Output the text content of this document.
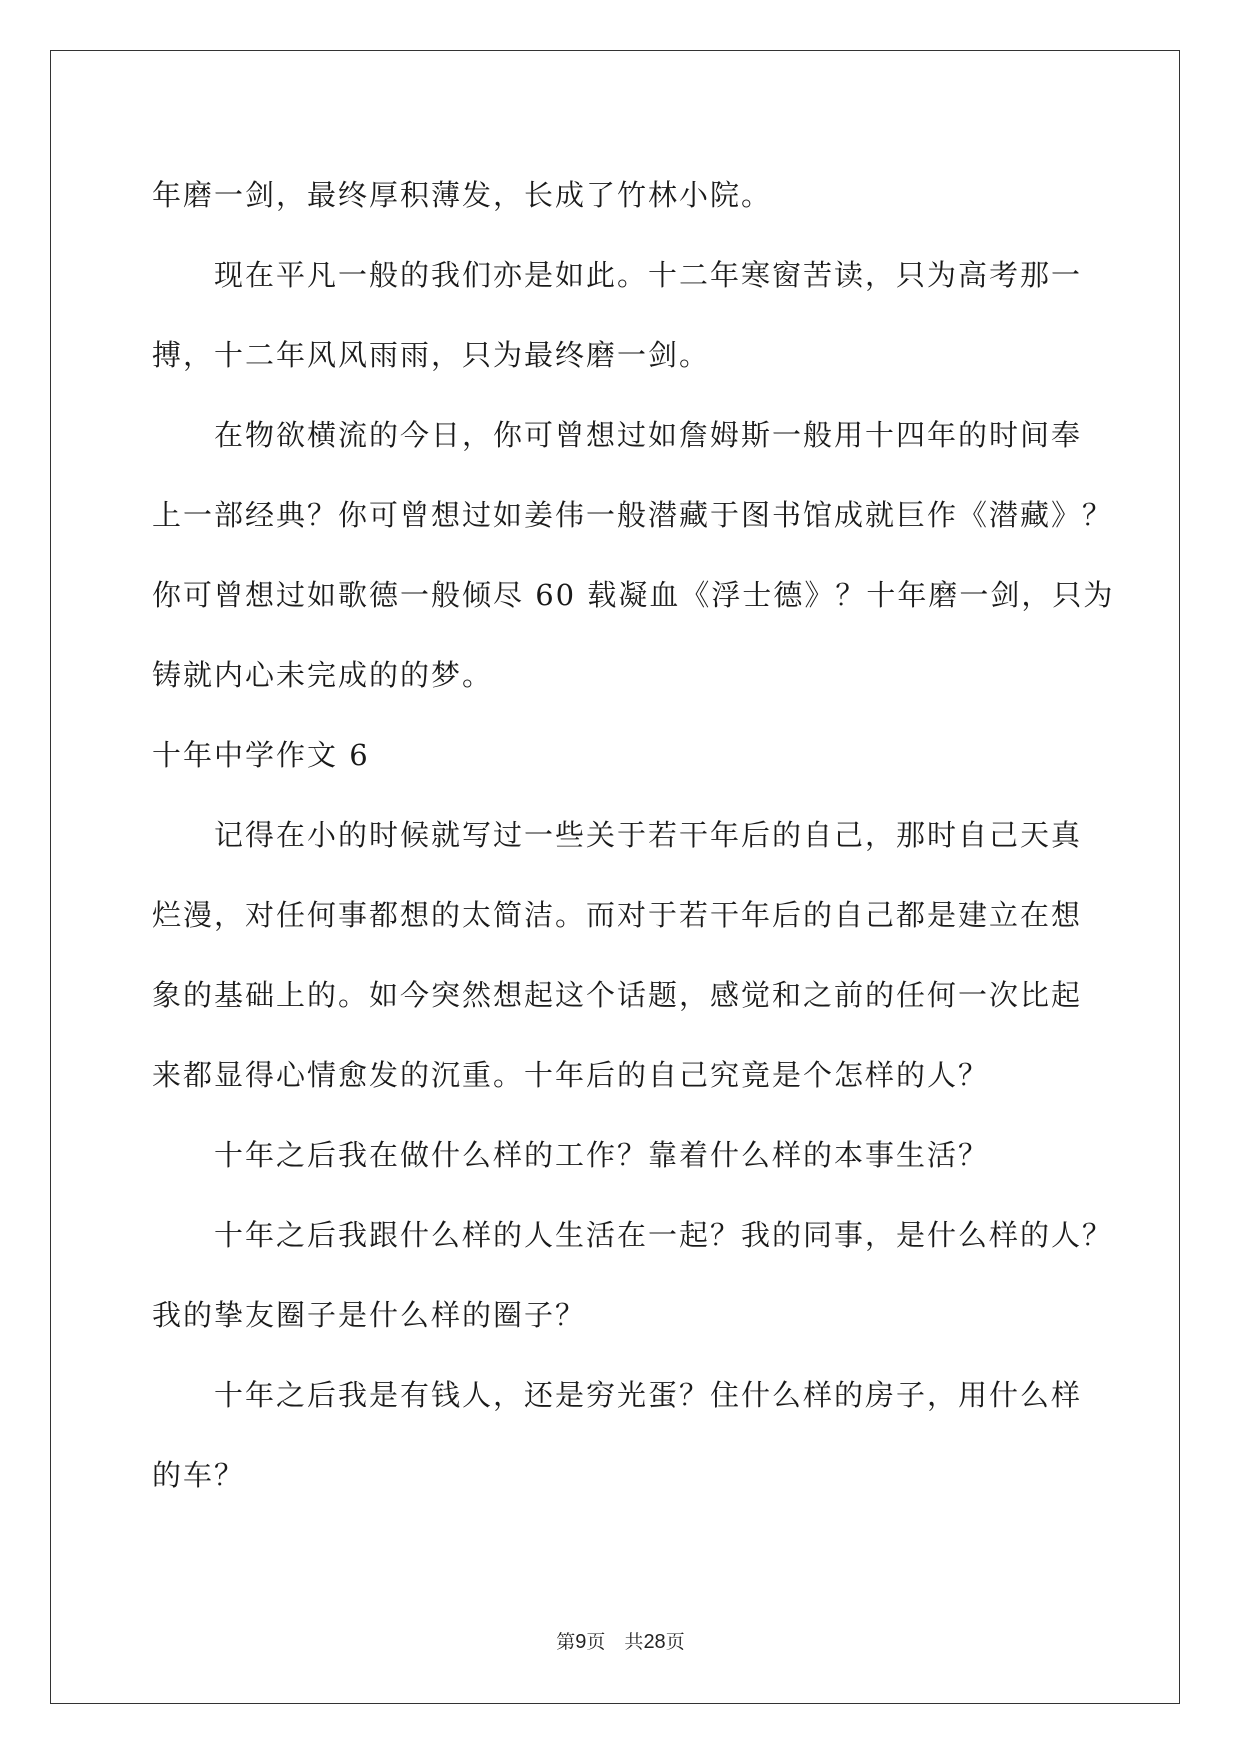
年磨一剑，最终厚积薄发，长成了竹林小院。

现在平凡一般的我们亦是如此。十二年寒窗苦读，只为高考那一

搏，十二年风风雨雨，只为最终磨一剑。

在物欲横流的今日，你可曾想过如詹姆斯一般用十四年的时间奉

上一部经典？你可曾想过如姜伟一般潜藏于图书馆成就巨作《潜藏》？

你可曾想过如歌德一般倾尽 60 载凝血《浮士德》？十年磨一剑，只为

铸就内心未完成的的梦。

十年中学作文 6

记得在小的时候就写过一些关于若干年后的自己，那时自己天真

烂漫，对任何事都想的太简洁。而对于若干年后的自己都是建立在想

象的基础上的。如今突然想起这个话题，感觉和之前的任何一次比起

来都显得心情愈发的沉重。十年后的自己究竟是个怎样的人？

十年之后我在做什么样的工作？靠着什么样的本事生活？

十年之后我跟什么样的人生活在一起？我的同事，是什么样的人？

我的挚友圈子是什么样的圈子？

十年之后我是有钱人，还是穷光蛋？住什么样的房子，用什么样

的车？

第9页　共28页
